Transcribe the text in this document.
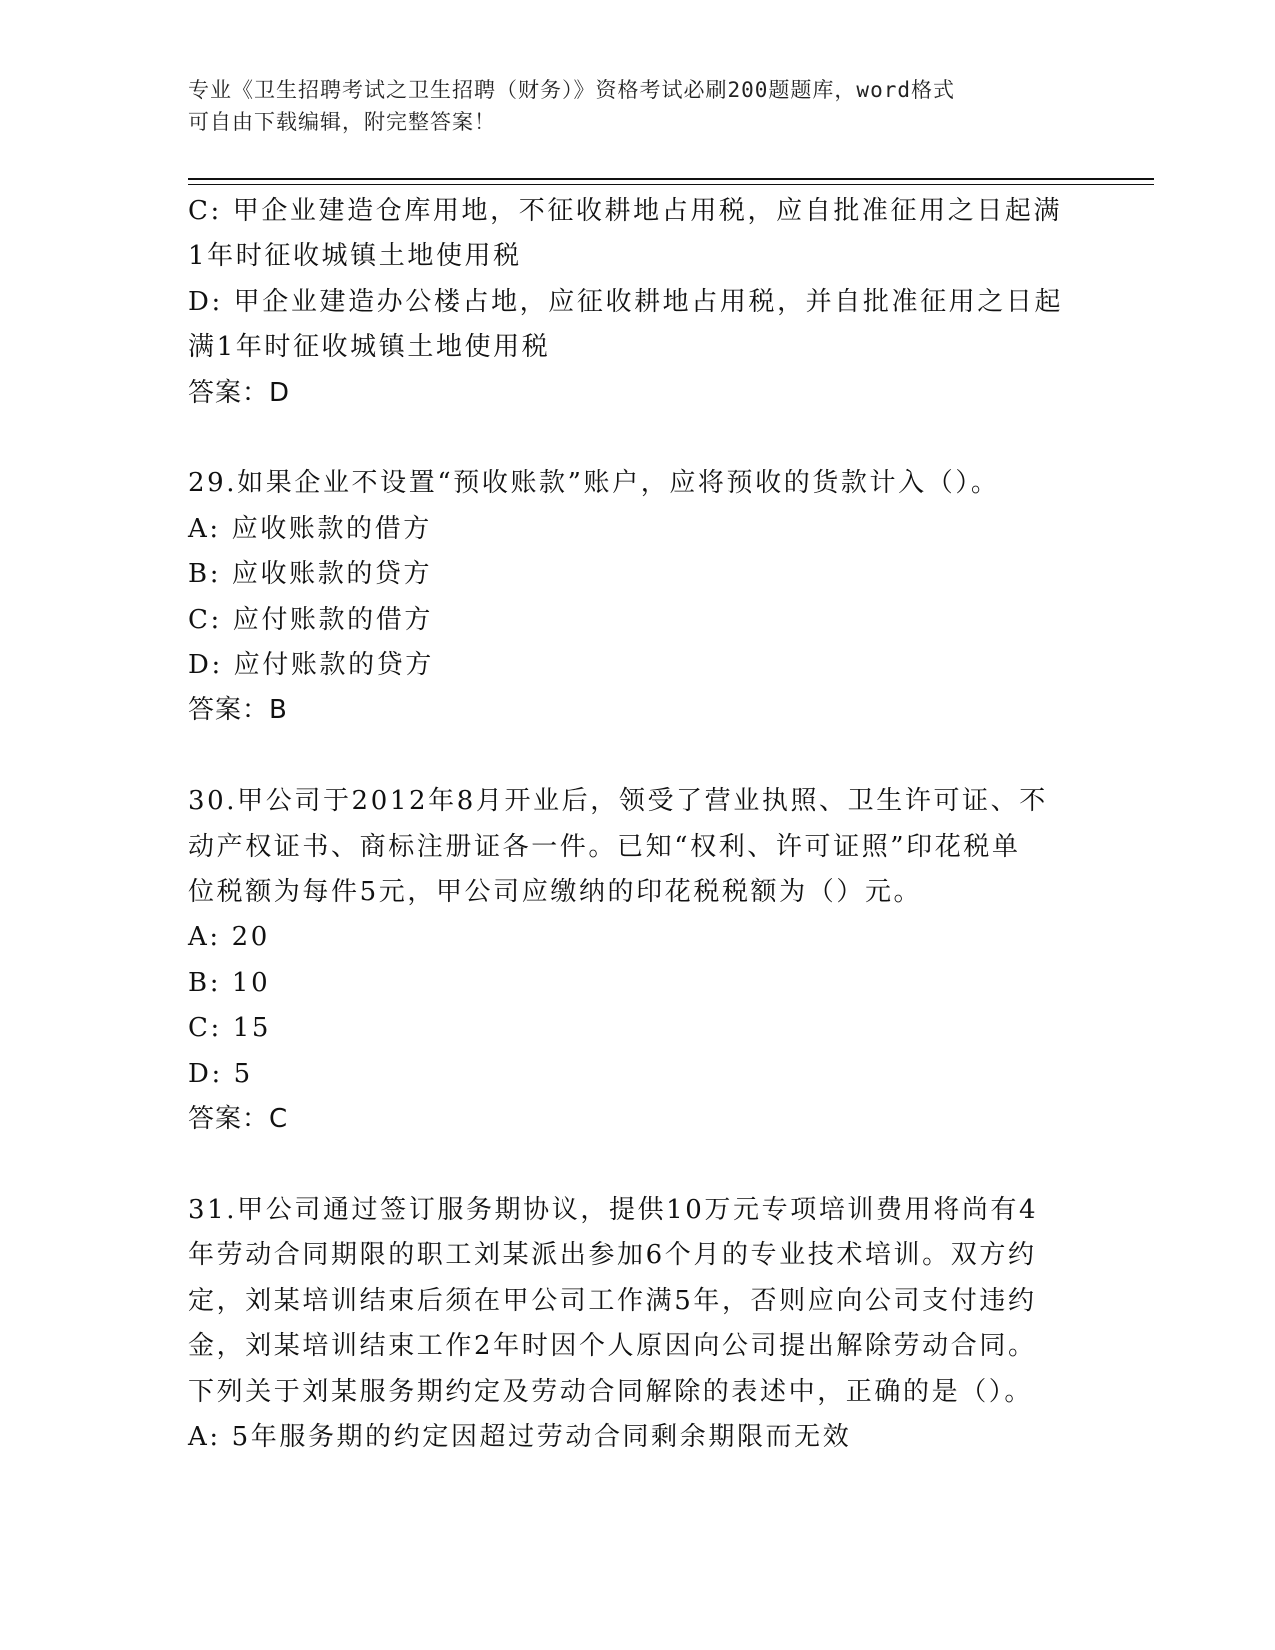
专业《卫生招聘考试之卫生招聘（财务）》资格考试必刷200题题库，word格式
可自由下载编辑，附完整答案！
C: 甲企业建造仓库用地，不征收耕地占用税，应自批准征用之日起满
1年时征收城镇土地使用税
D: 甲企业建造办公楼占地，应征收耕地占用税，并自批准征用之日起
满1年时征收城镇土地使用税
答案：D
29.如果企业不设置“预收账款”账户，应将预收的货款计入（）。
A: 应收账款的借方
B: 应收账款的贷方
C: 应付账款的借方
D: 应付账款的贷方
答案：B
30.甲公司于2012年8月开业后，领受了营业执照、卫生许可证、不
动产权证书、商标注册证各一件。已知“权利、许可证照”印花税单
位税额为每件5元，甲公司应缴纳的印花税税额为（）元。
A: 20
B: 10
C: 15
D: 5
答案：C
31.甲公司通过签订服务期协议，提供10万元专项培训费用将尚有4
年劳动合同期限的职工刘某派出参加6个月的专业技术培训。双方约
定，刘某培训结束后须在甲公司工作满5年，否则应向公司支付违约
金，刘某培训结束工作2年时因个人原因向公司提出解除劳动合同。
下列关于刘某服务期约定及劳动合同解除的表述中，正确的是（）。
A: 5年服务期的约定因超过劳动合同剩余期限而无效
